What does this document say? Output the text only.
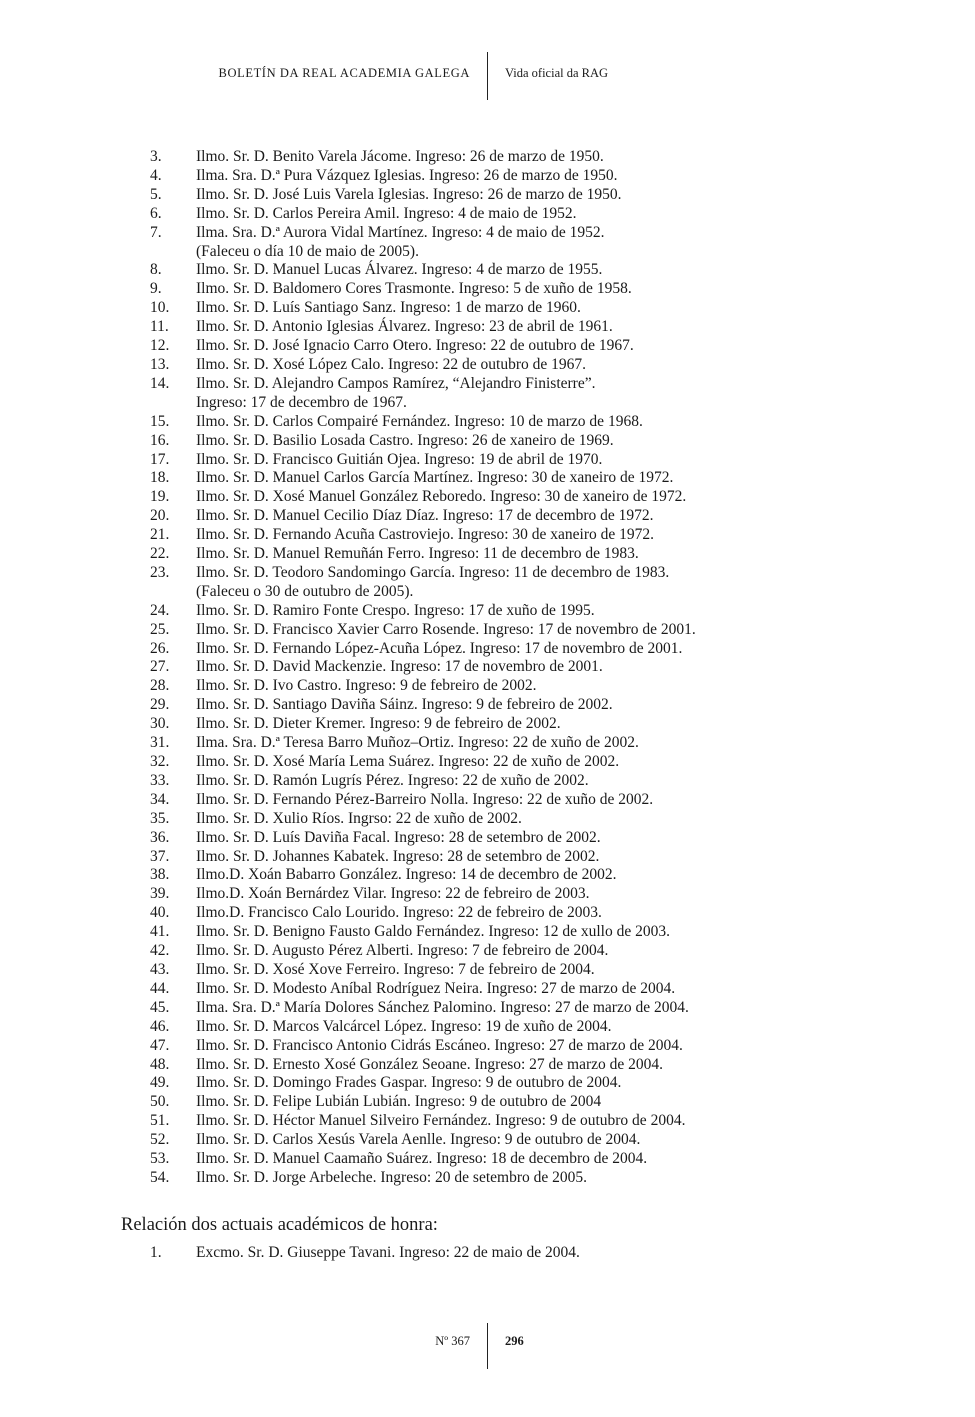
BOLETÍN DA REAL ACADEMIA GALEGA	Vida oficial da RAG
3. Ilmo. Sr. D. Benito Varela Jácome. Ingreso: 26 de marzo de 1950.
4. Ilma. Sra. D.ª Pura Vázquez Iglesias. Ingreso: 26 de marzo de 1950.
5. Ilmo. Sr. D. José Luis Varela Iglesias. Ingreso: 26 de marzo de 1950.
6. Ilmo. Sr. D. Carlos Pereira Amil. Ingreso: 4 de maio de 1952.
7. Ilma. Sra. D.ª Aurora Vidal Martínez. Ingreso: 4 de maio de 1952.
(Faleceu o día 10 de maio de 2005).
8. Ilmo. Sr. D. Manuel Lucas Álvarez. Ingreso: 4 de marzo de 1955.
9. Ilmo. Sr. D. Baldomero Cores Trasmonte. Ingreso: 5 de xuño de 1958.
10. Ilmo. Sr. D. Luís Santiago Sanz. Ingreso: 1 de marzo de 1960.
11. Ilmo. Sr. D. Antonio Iglesias Álvarez. Ingreso: 23 de abril de 1961.
12. Ilmo. Sr. D. José Ignacio Carro Otero. Ingreso: 22 de outubro de 1967.
13. Ilmo. Sr. D. Xosé López Calo. Ingreso: 22 de outubro de 1967.
14. Ilmo. Sr. D. Alejandro Campos Ramírez, “Alejandro Finisterre”.
Ingreso: 17 de decembro de 1967.
15. Ilmo. Sr. D. Carlos Compairé Fernández. Ingreso: 10 de marzo de 1968.
16. Ilmo. Sr. D. Basilio Losada Castro. Ingreso: 26 de xaneiro de 1969.
17. Ilmo. Sr. D. Francisco Guitián Ojea. Ingreso: 19 de abril de 1970.
18. Ilmo. Sr. D. Manuel Carlos García Martínez. Ingreso: 30 de xaneiro de 1972.
19. Ilmo. Sr. D. Xosé Manuel González Reboredo. Ingreso: 30 de xaneiro de 1972.
20. Ilmo. Sr. D. Manuel Cecilio Díaz Díaz. Ingreso: 17 de decembro de 1972.
21. Ilmo. Sr. D. Fernando Acuña Castroviejo. Ingreso: 30 de xaneiro de 1972.
22. Ilmo. Sr. D. Manuel Remuñán Ferro. Ingreso: 11 de decembro de 1983.
23. Ilmo. Sr. D. Teodoro Sandomingo García. Ingreso: 11 de decembro de 1983.
(Faleceu o 30 de outubro de 2005).
24. Ilmo. Sr. D. Ramiro Fonte Crespo. Ingreso: 17 de xuño de 1995.
25. Ilmo. Sr. D. Francisco Xavier Carro Rosende. Ingreso: 17 de novembro de 2001.
26. Ilmo. Sr. D. Fernando López-Acuña López. Ingreso: 17 de novembro de 2001.
27. Ilmo. Sr. D. David Mackenzie. Ingreso: 17 de novembro de 2001.
28. Ilmo. Sr. D. Ivo Castro. Ingreso: 9 de febreiro de 2002.
29. Ilmo. Sr. D. Santiago Daviña Sáinz. Ingreso: 9 de febreiro de 2002.
30. Ilmo. Sr. D. Dieter Kremer. Ingreso: 9 de febreiro de 2002.
31. Ilma. Sra. D.ª Teresa Barro Muñoz–Ortiz. Ingreso: 22 de xuño de 2002.
32. Ilmo. Sr. D. Xosé María Lema Suárez. Ingreso: 22 de xuño de 2002.
33. Ilmo. Sr. D. Ramón Lugrís Pérez. Ingreso: 22 de xuño de 2002.
34. Ilmo. Sr. D. Fernando Pérez-Barreiro Nolla. Ingreso: 22 de xuño de 2002.
35. Ilmo. Sr. D. Xulio Ríos. Ingrso: 22 de xuño de 2002.
36. Ilmo. Sr. D. Luís Daviña Facal. Ingreso: 28 de setembro de 2002.
37. Ilmo. Sr. D. Johannes Kabatek. Ingreso: 28 de setembro de 2002.
38. Ilmo.D. Xoán Babarro González. Ingreso: 14 de decembro de 2002.
39. Ilmo.D. Xoán Bernárdez Vilar. Ingreso: 22 de febreiro de 2003.
40. Ilmo.D. Francisco Calo Lourido. Ingreso: 22 de febreiro de 2003.
41. Ilmo. Sr. D. Benigno Fausto Galdo Fernández. Ingreso: 12 de xullo de 2003.
42. Ilmo. Sr. D. Augusto Pérez Alberti. Ingreso: 7 de febreiro de 2004.
43. Ilmo. Sr. D. Xosé Xove Ferreiro. Ingreso: 7 de febreiro de 2004.
44. Ilmo. Sr. D. Modesto Aníbal Rodríguez Neira. Ingreso: 27 de marzo de 2004.
45. Ilma. Sra. D.ª María Dolores Sánchez Palomino. Ingreso: 27 de marzo de 2004.
46. Ilmo. Sr. D. Marcos Valcárcel López. Ingreso: 19 de xuño de 2004.
47. Ilmo. Sr. D. Francisco Antonio Cidrás Escáneo. Ingreso: 27 de marzo de 2004.
48. Ilmo. Sr. D. Ernesto Xosé González Seoane. Ingreso: 27 de marzo de 2004.
49. Ilmo. Sr. D. Domingo Frades Gaspar. Ingreso: 9 de outubro de 2004.
50. Ilmo. Sr. D. Felipe Lubián Lubián. Ingreso: 9 de outubro de 2004
51. Ilmo. Sr. D. Héctor Manuel Silveiro Fernández. Ingreso: 9 de outubro de 2004.
52. Ilmo. Sr. D. Carlos Xesús Varela Aenlle. Ingreso: 9 de outubro de 2004.
53. Ilmo. Sr. D. Manuel Caamaño Suárez. Ingreso: 18 de decembro de 2004.
54. Ilmo. Sr. D. Jorge Arbeleche. Ingreso: 20 de setembro de 2005.
Relación dos actuais académicos de honra:
1. Excmo. Sr. D. Giuseppe Tavani. Ingreso: 22 de maio de 2004.
Nº 367	296
